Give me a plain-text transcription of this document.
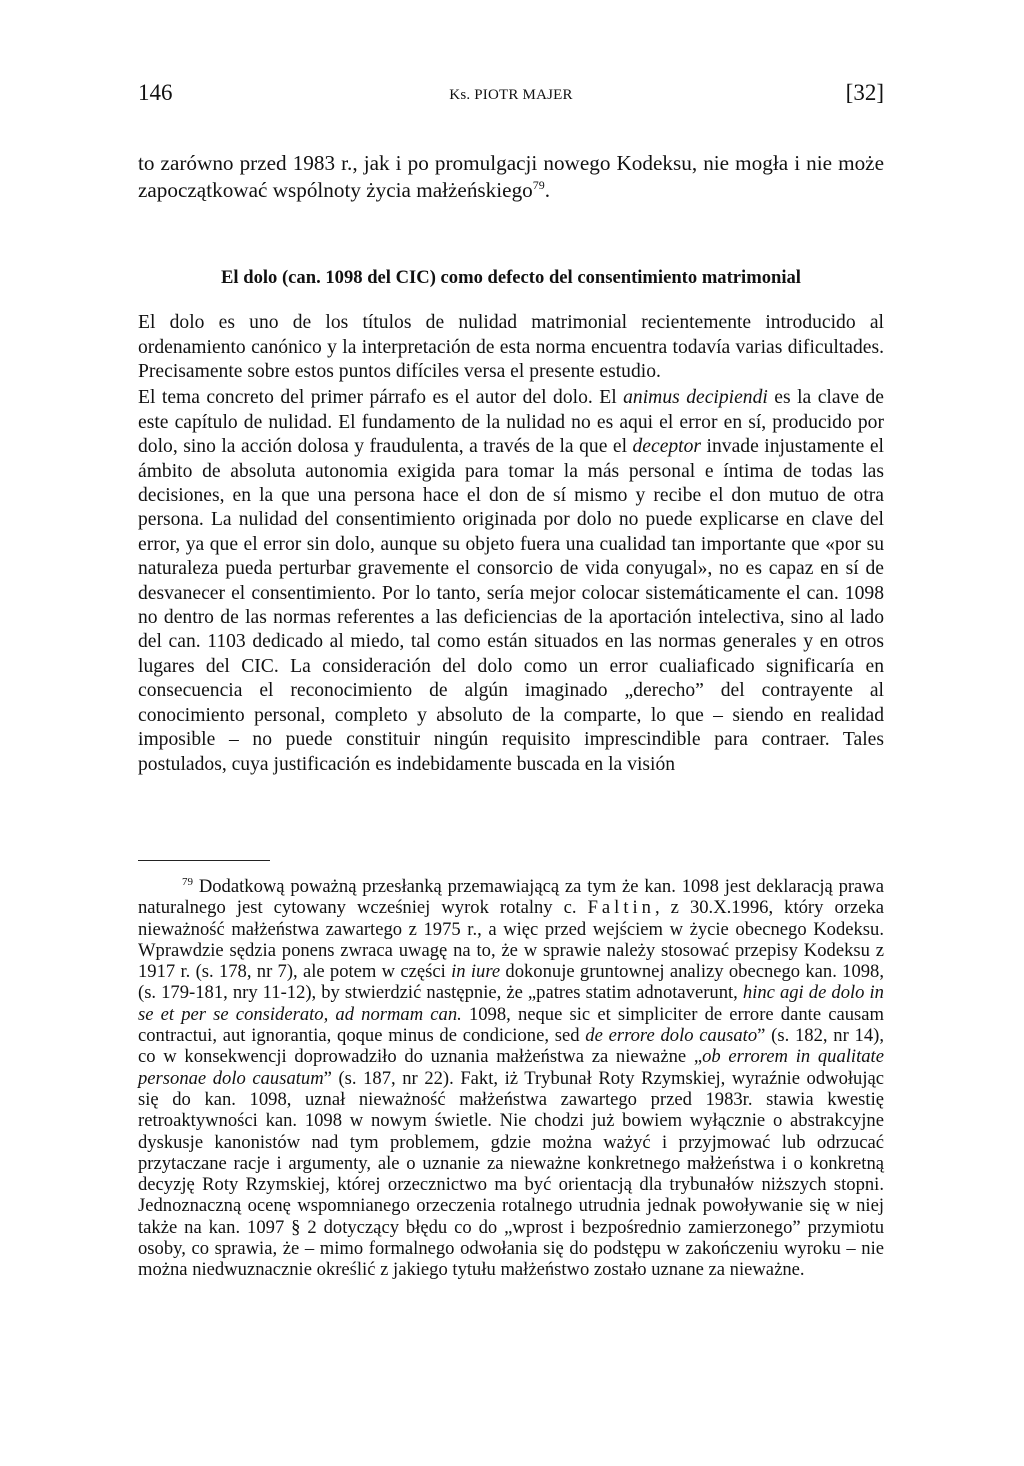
146	Ks. PIOTR MAJER	[32]

to zarówno przed 1983 r., jak i po promulgacji nowego Kodeksu, nie mogła i nie może zapoczątkować wspólnoty życia małżeńskiego$^{79}$.

El dolo (can. 1098 del CIC) como defecto del consentimiento matrimonial

El dolo es uno de los títulos de nulidad matrimonial recientemente introducido al ordenamiento canónico y la interpretación de esta norma encuentra todavía varias dificultades. Precisamente sobre estos puntos difíciles versa el presente estudio.

El tema concreto del primer párrafo es el autor del dolo. El animus decipiendi es la clave de este capítulo de nulidad. El fundamento de la nulidad no es aqui el error en sí, producido por dolo, sino la acción dolosa y fraudulenta, a través de la que el deceptor invade injustamente el ámbito de absoluta autonomia exigida para tomar la más personal e íntima de todas las decisiones, en la que una persona hace el don de sí mismo y recibe el don mutuo de otra persona. La nulidad del consentimiento originada por dolo no puede explicarse en clave del error, ya que el error sin dolo, aunque su objeto fuera una cualidad tan importante que «por su naturaleza pueda perturbar gravemente el consorcio de vida conyugal», no es capaz en sí de desvanecer el consentimiento. Por lo tanto, sería mejor colocar sistemáticamente el can. 1098 no dentro de las normas referentes a las deficiencias de la aportación intelectiva, sino al lado del can. 1103 dedicado al miedo, tal como están situados en las normas generales y en otros lugares del CIC. La consideración del dolo como un error cualiaficado significaría en consecuencia el reconocimiento de algún imaginado „derecho” del contrayente al conocimiento personal, completo y absoluto de la comparte, lo que – siendo en realidad imposible – no puede constituir ningún requisito imprescindible para contraer. Tales postulados, cuya justificación es indebidamente buscada en la visión

$^{79}$ Dodatkową poważną przesłanką przemawiającą za tym że kan. 1098 jest deklaracją prawa naturalnego jest cytowany wcześniej wyrok rotalny c. Faltin, z 30.X.1996, który orzeka nieważność małżeństwa zawartego z 1975 r., a więc przed wejściem w życie obecnego Kodeksu. Wprawdzie sędzia ponens zwraca uwagę na to, że w sprawie należy stosować przepisy Kodeksu z 1917 r. (s. 178, nr 7), ale potem w części in iure dokonuje gruntownej analizy obecnego kan. 1098, (s. 179-181, nry 11-12), by stwierdzić następnie, że „patres statim adnotaverunt, hinc agi de dolo in se et per se considerato, ad normam can. 1098, neque sic et simpliciter de errore dante causam contractui, aut ignorantia, qoque minus de condicione, sed de errore dolo causato” (s. 182, nr 14), co w konsekwencji doprowadziło do uznania małżeństwa za nieważne „ob errorem in qualitate personae dolo causatum” (s. 187, nr 22). Fakt, iż Trybunał Roty Rzymskiej, wyraźnie odwołując się do kan. 1098, uznał nieważność małżeństwa zawartego przed 1983r. stawia kwestię retroaktywności kan. 1098 w nowym świetle. Nie chodzi już bowiem wyłącznie o abstrakcyjne dyskusje kanonistów nad tym problemem, gdzie można ważyć i przyjmować lub odrzucać przytaczane racje i argumenty, ale o uznanie za nieważne konkretnego małżeństwa i o konkretną decyzję Roty Rzymskiej, której orzecznictwo ma być orientacją dla trybunałów niższych stopni. Jednoznaczną ocenę wspomnianego orzeczenia rotalnego utrudnia jednak powoływanie się w niej także na kan. 1097 § 2 dotyczący błędu co do „wprost i bezpośrednio zamierzonego” przymiotu osoby, co sprawia, że – mimo formalnego odwołania się do podstępu w zakończeniu wyroku – nie można niedwuznacznie określić z jakiego tytułu małżeństwo zostało uznane za nieważne.
